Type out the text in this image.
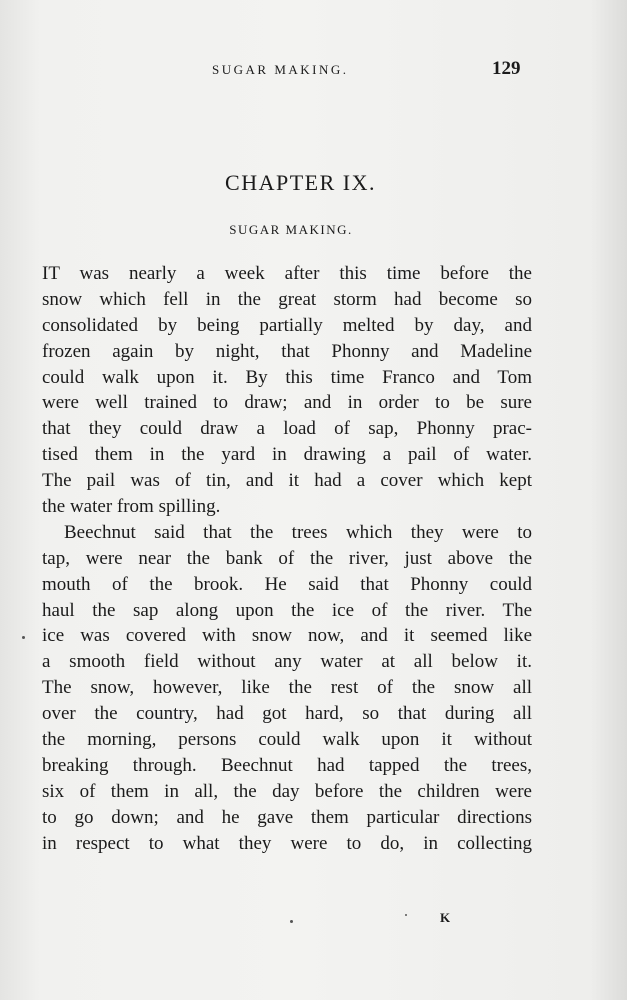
SUGAR MAKING.	129
CHAPTER IX.
SUGAR MAKING.
IT was nearly a week after this time before the
snow which fell in the great storm had become so
consolidated by being partially melted by day, and
frozen again by night, that Phonny and Madeline
could walk upon it. By this time Franco and Tom
were well trained to draw; and in order to be sure
that they could draw a load of sap, Phonny prac-
tised them in the yard in drawing a pail of water.
The pail was of tin, and it had a cover which kept
the water from spilling.
Beechnut said that the trees which they were to
tap, were near the bank of the river, just above the
mouth of the brook. He said that Phonny could
haul the sap along upon the ice of the river. The
ice was covered with snow now, and it seemed like
a smooth field without any water at all below it.
The snow, however, like the rest of the snow all
over the country, had got hard, so that during all
the morning, persons could walk upon it without
breaking through. Beechnut had tapped the trees,
six of them in all, the day before the children were
to go down; and he gave them particular directions
in respect to what they were to do, in collecting
K
